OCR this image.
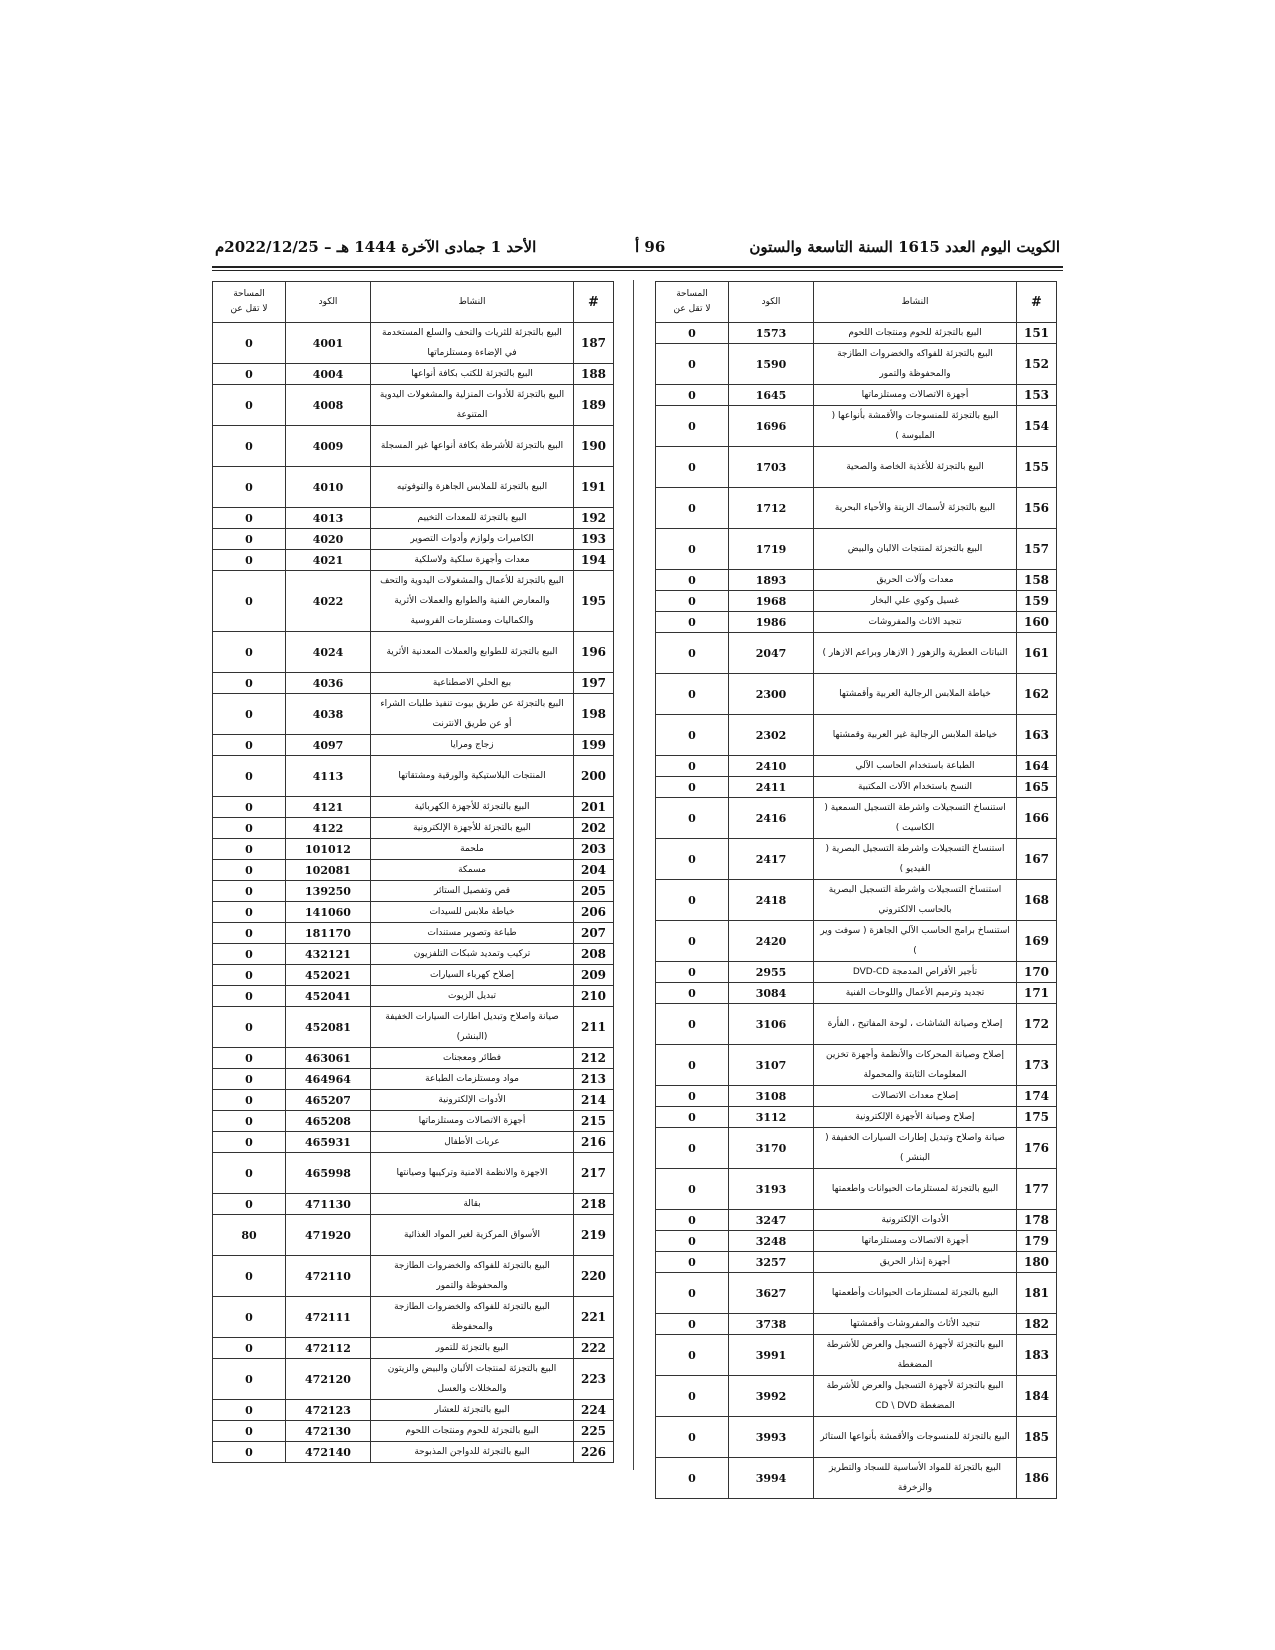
الكويت اليوم العدد 1615 السنة التاسعة والستون
96 أ
الأحد 1 جمادى الآخرة 1444 هـ – 2022/12/25م
#	النشاط	الكود	المساحة
لا تقل عن

151	البيع بالتجزئة للحوم ومنتجات اللحوم	1573	0
152	البيع بالتجزئة للفواكه والخضروات الطازجة والمحفوظة والتمور	1590	0
153	أجهزة الاتصالات ومستلزماتها	1645	0
154	البيع بالتجزئة للمنسوجات والأقمشة بأنواعها ( الملبوسة )	1696	0
155	البيع بالتجزئة للأغذية الخاصة والصحية	1703	0
156	البيع بالتجزئة لأسماك الزينة والأحياء البحرية	1712	0
157	البيع بالتجزئة لمنتجات الالبان والبيض	1719	0
158	معدات وآلات الحريق	1893	0
159	غسيل وكوي علي البخار	1968	0
160	تنجيد الاثاث والمفروشات	1986	0
161	النباتات العطرية والزهور ( الازهار وبراعم الازهار )	2047	0
162	خياطة الملابس الرجالية العربية وأقمشتها	2300	0
163	خياطة الملابس الرجالية غير العربية وقمشتها	2302	0
164	الطباعة باستخدام الحاسب الآلي	2410	0
165	النسخ باستخدام الآلات المكتبية	2411	0
166	استنساخ التسجيلات واشرطة التسجيل السمعية ( الكاسيت )	2416	0
167	استنساخ التسجيلات واشرطة التسجيل البصرية ( الفيديو )	2417	0
168	استنساخ التسجيلات واشرطة التسجيل البصرية بالحاسب الالكتروني	2418	0
169	استنساخ برامج الحاسب الآلي الجاهزة ( سوفت وير )	2420	0
170	تأجير الأقراص المدمجة DVD-CD	2955	0
171	تجديد وترميم الأعمال واللوحات الفنية	3084	0
172	إصلاح وصيانة الشاشات ، لوحة المفاتيح ، الفأرة	3106	0
173	إصلاح وصيانة المحركات والأنظمة وأجهزة تخزين المعلومات الثابتة والمحمولة	3107	0
174	إصلاح معدات الاتصالات	3108	0
175	إصلاح وصيانة الأجهزة الإلكترونية	3112	0
176	صيانة واصلاح وتبديل إطارات السيارات الخفيفة ( البنشر )	3170	0
177	البيع بالتجزئة لمستلزمات الحيوانات واطعمتها	3193	0
178	الأدوات الإلكترونية	3247	0
179	أجهزة الاتصالات ومستلزماتها	3248	0
180	أجهزة إنذار الحريق	3257	0
181	البيع بالتجزئة لمستلزمات الحيوانات وأطعمتها	3627	0
182	تنجيد الأثاث والمفروشات وأقمشتها	3738	0
183	البيع بالتجزئة لأجهزة التسجيل والعرض للأشرطة المضغطة	3991	0
184	البيع بالتجزئة لأجهزة التسجيل والعرض للأشرطة المضغطة CD \ DVD	3992	0
185	البيع بالتجزئة للمنسوجات والأقمشة بأنواعها الستائر	3993	0
186	البيع بالتجزئة للمواد الأساسية للسجاد والتطريز والزخرفة	3994	0
#	النشاط	الكود	المساحة
لا تقل عن

187	البيع بالتجزئة للثريات والتحف والسلع المستخدمة في الإضاءة ومستلزماتها	4001	0
188	البيع بالتجزئة للكتب بكافة أنواعها	4004	0
189	البيع بالتجزئة للأدوات المنزلية والمشغولات اليدوية المتنوعة	4008	0
190	البيع بالتجزئة للأشرطة بكافة أنواعها غير المسجلة	4009	0
191	البيع بالتجزئة للملابس الجاهزة والتوفوتيه	4010	0
192	البيع بالتجزئة للمعدات التخييم	4013	0
193	الكاميرات ولوازم وأدوات التصوير	4020	0
194	معدات وأجهزة سلكية ولاسلكية	4021	0
195	البيع بالتجزئة للأعمال والمشغولات اليدوية والتحف والمعارض الفنية والطوابع والعملات الأثرية والكماليات ومستلزمات الفروسية	4022	0
196	البيع بالتجزئة للطوابع والعملات المعدنية الأثرية	4024	0
197	بيع الحلي الاصطناعية	4036	0
198	البيع بالتجزئة عن طريق بيوت تنفيذ طلبات الشراء أو عن طريق الانترنت	4038	0
199	زجاج ومرايا	4097	0
200	المنتجات البلاستيكية والورقية ومشتقاتها	4113	0
201	البيع بالتجزئة للأجهزة الكهربائية	4121	0
202	البيع بالتجزئة للأجهزة الإلكترونية	4122	0
203	ملحمة	101012	0
204	مسمكة	102081	0
205	قص وتفصيل الستائر	139250	0
206	خياطة ملابس للسيدات	141060	0
207	طباعة وتصوير مستندات	181170	0
208	تركيب وتمديد شبكات التلفزيون	432121	0
209	إصلاح كهرباء السيارات	452021	0
210	تبديل الزيوت	452041	0
211	صيانة واصلاح وتبديل اطارات السيارات الخفيفة (البنشر)	452081	0
212	فطائر ومعجنات	463061	0
213	مواد ومستلزمات الطباعة	464964	0
214	الأدوات الإلكترونية	465207	0
215	أجهزة الاتصالات ومستلزماتها	465208	0
216	عربات الأطفال	465931	0
217	الاجهزة والانظمة الامنية وتركيبها وصيانتها	465998	0
218	بقالة	471130	0
219	الأسواق المركزية لغير المواد الغذائية	471920	80
220	البيع بالتجزئة للفواكه والخضروات الطازجة والمحفوظة والتمور	472110	0
221	البيع بالتجزئة للفواكه والخضروات الطازجة والمحفوظة	472111	0
222	البيع بالتجزئة للتمور	472112	0
223	البيع بالتجزئة لمنتجات الألبان والبيض والزيتون والمخللات والعسل	472120	0
224	البيع بالتجزئة للعشار	472123	0
225	البيع بالتجزئة للحوم ومنتجات اللحوم	472130	0
226	البيع بالتجزئة للدواجن المذبوحة	472140	0
